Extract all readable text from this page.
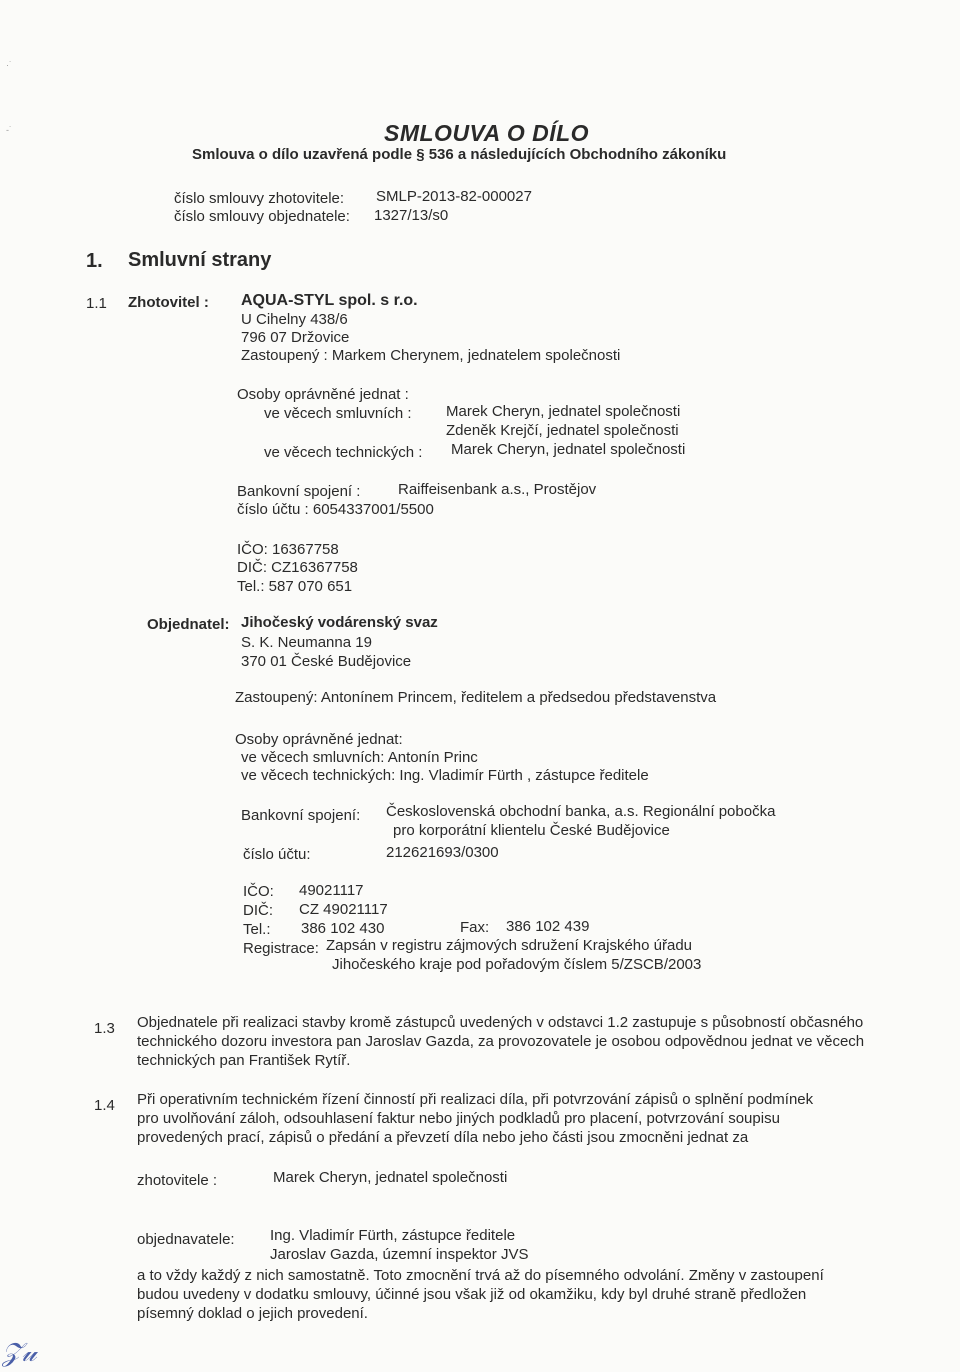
·˙
-˙	SMLOUVA O DÍLO
Smlouva o dílo uzavřená podle § 536 a následujících Obchodního zákoníku
číslo smlouvy zhotovitele: SMLP-2013-82-000027
číslo smlouvy objednatele: 1327/13/s0
1. Smluvní strany
1.1 Zhotovitel : AQUA-STYL spol. s r.o.
U Cihelny 438/6
796 07 Držovice
Zastoupený : Markem Cherynem, jednatelem společnosti
Osoby oprávněné jednat :
ve věcech smluvních : Marek Cheryn, jednatel společnosti
Zdeněk Krejčí, jednatel společnosti
ve věcech technických : Marek Cheryn, jednatel společnosti
Bankovní spojení :	Raiffeisenbank a.s., Prostějov
číslo účtu : 6054337001/5500
IČO: 16367758
DIČ: CZ16367758
Tel.: 587 070 651
Objednatel: Jihočeský vodárenský svaz
S. K. Neumanna 19
370 01 České Budějovice
Zastoupený: Antonínem Princem, ředitelem a předsedou představenstva
Osoby oprávněné jednat:
ve věcech smluvních: Antonín Princ
ve věcech technických: Ing. Vladimír Fürth , zástupce ředitele
Bankovní spojení: Československá obchodní banka, a.s. Regionální pobočka
pro korporátní klientelu České Budějovice
číslo účtu:	212621693/0300
IČO: 49021117
DIČ: CZ 49021117
Tel.: 386 102 430	Fax: 386 102 439
Registrace: Zapsán v registru zájmových sdružení Krajského úřadu
Jihočeského kraje pod pořadovým číslem 5/ZSCB/2003
1.3 Objednatele při realizaci stavby kromě zástupců uvedených v odstavci 1.2 zastupuje s působností občasného technického dozoru investora pan Jaroslav Gazda, za provozovatele je osobou odpovědnou jednat ve věcech technických pan František Rytíř.
1.4 Při operativním technickém řízení činností při realizaci díla, při potvrzování zápisů o splnění podmínek pro uvolňování záloh, odsouhlasení faktur nebo jiných podkladů pro placení, potvrzování soupisu provedených prací, zápisů o předání a převzetí díla nebo jeho části jsou zmocněni jednat za
zhotovitele :	Marek Cheryn, jednatel společnosti
objednavatele: Ing. Vladimír Fürth, zástupce ředitele
Jaroslav Gazda, územní inspektor JVS
a to vždy každý z nich samostatně. Toto zmocnění trvá až do písemného odvolání. Změny v zastoupení budou uvedeny v dodatku smlouvy, účinné jsou však již od okamžiku, kdy byl druhé straně předložen písemný doklad o jejich provedení.
𝒵𝓊
